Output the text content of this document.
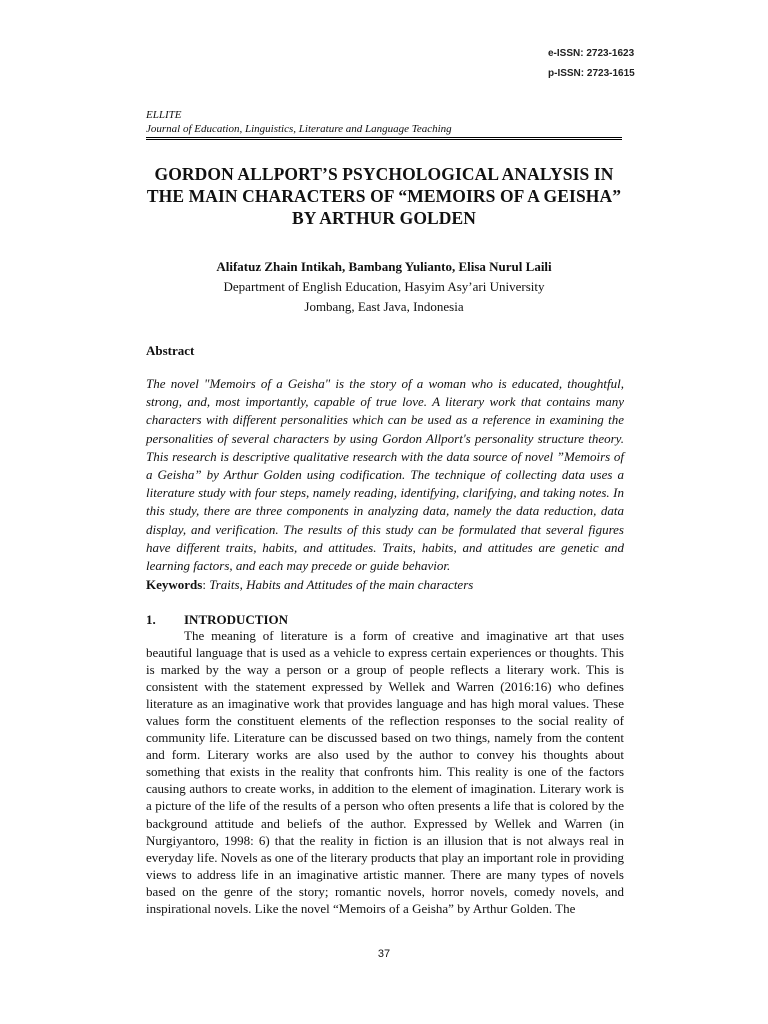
e-ISSN: 2723-1623
p-ISSN: 2723-1615
ELLITE
Journal of Education, Linguistics, Literature and Language Teaching
GORDON ALLPORT’S PSYCHOLOGICAL ANALYSIS IN THE MAIN CHARACTERS OF “MEMOIRS OF A GEISHA” BY ARTHUR GOLDEN
Alifatuz Zhain Intikah, Bambang Yulianto, Elisa Nurul Laili
Department of English Education, Hasyim Asy’ari University
Jombang, East Java, Indonesia
Abstract

The novel "Memoirs of a Geisha" is the story of a woman who is educated, thoughtful, strong, and, most importantly, capable of true love. A literary work that contains many characters with different personalities which can be used as a reference in examining the personalities of several characters by using Gordon Allport's personality structure theory. This research is descriptive qualitative research with the data source of novel ”Memoirs of a Geisha” by Arthur Golden using codification. The technique of collecting data uses a literature study with four steps, namely reading, identifying, clarifying, and taking notes. In this study, there are three components in analyzing data, namely the data reduction, data display, and verification. The results of this study can be formulated that several figures have different traits, habits, and attitudes. Traits, habits, and attitudes are genetic and learning factors, and each may precede or guide behavior.

Keywords: Traits, Habits and Attitudes of the main characters
1. INTRODUCTION

The meaning of literature is a form of creative and imaginative art that uses beautiful language that is used as a vehicle to express certain experiences or thoughts. This is marked by the way a person or a group of people reflects a literary work. This is consistent with the statement expressed by Wellek and Warren (2016:16) who defines literature as an imaginative work that provides language and has high moral values. These values form the constituent elements of the reflection responses to the social reality of community life. Literature can be discussed based on two things, namely from the content and form. Literary works are also used by the author to convey his thoughts about something that exists in the reality that confronts him. This reality is one of the factors causing authors to create works, in addition to the element of imagination. Literary work is a picture of the life of the results of a person who often presents a life that is colored by the background attitude and beliefs of the author. Expressed by Wellek and Warren (in Nurgiyantoro, 1998: 6) that the reality in fiction is an illusion that is not always real in everyday life. Novels as one of the literary products that play an important role in providing views to address life in an imaginative artistic manner. There are many types of novels based on the genre of the story; romantic novels, horror novels, comedy novels, and inspirational novels. Like the novel “Memoirs of a Geisha” by Arthur Golden. The

37
